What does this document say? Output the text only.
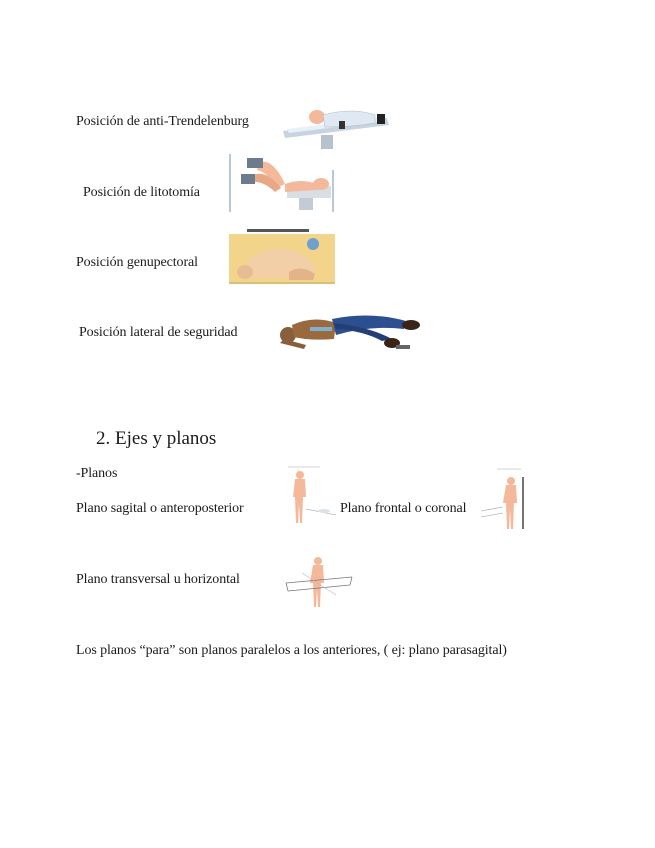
Posición de anti-Trendelenburg
Posición de litotomía
Posición genupectoral
Posición lateral de seguridad
2. Ejes y planos
-Planos
Plano sagital o anteroposterior	Plano frontal o coronal
Plano transversal u horizontal
Los planos “para” son planos paralelos a los anteriores, ( ej: plano parasagital)
